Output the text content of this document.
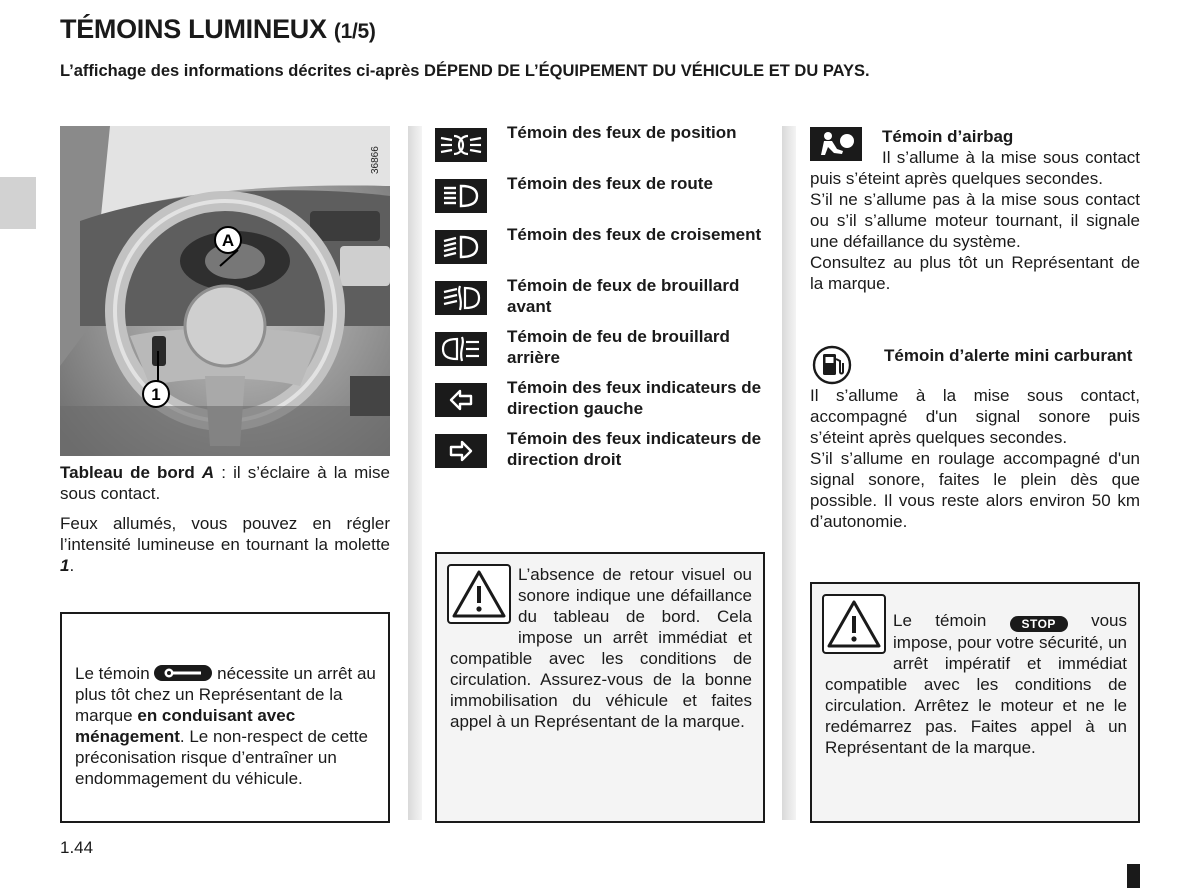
TÉMOINS LUMINEUX (1/5)
L’affichage des informations décrites ci-après DÉPEND DE L’ÉQUIPEMENT DU VÉHICULE ET DU PAYS.
36866
A
1
Tableau de bord A : il s’éclaire à la mise sous contact.
Feux allumés, vous pouvez en régler l’intensité lumineuse en tournant la molette 1.
Le témoin	nécessite un arrêt au plus tôt chez un Représentant de la marque en conduisant avec ménagement. Le non-respect de cette préconisation risque d’entraîner un endommagement du véhicule.
Témoin des feux de position
Témoin des feux de route
Témoin des feux de croisement
Témoin de feux de brouillard avant
Témoin de feu de brouillard arrière
Témoin des feux indicateurs de direction gauche
Témoin des feux indicateurs de direction droit
L’absence de retour visuel ou sonore indique une défaillance du tableau de bord. Cela impose un arrêt immédiat et compatible avec les conditions de circulation. Assurez-vous de la bonne immobilisation du véhicule et faites appel à un Représentant de la marque.
Témoin d’airbag
Il s’allume à la mise sous contact puis s’éteint après quelques secondes.
S’il ne s’allume pas à la mise sous contact ou s’il s’allume moteur tournant, il signale une défaillance du système.
Consultez au plus tôt un Représentant de la marque.
Témoin d’alerte mini carburant
Il s’allume à la mise sous contact, accompagné d'un signal sonore puis s’éteint après quelques secondes.
S’il s’allume en roulage accompagné d'un signal sonore, faites le plein dès que possible. Il vous reste alors environ 50 km d’autonomie.
Le témoin STOP vous impose, pour votre sécurité, un arrêt impératif et immédiat compatible avec les conditions de circulation. Arrêtez le moteur et ne le redémarrez pas. Faites appel à un Représentant de la marque.
1.44
